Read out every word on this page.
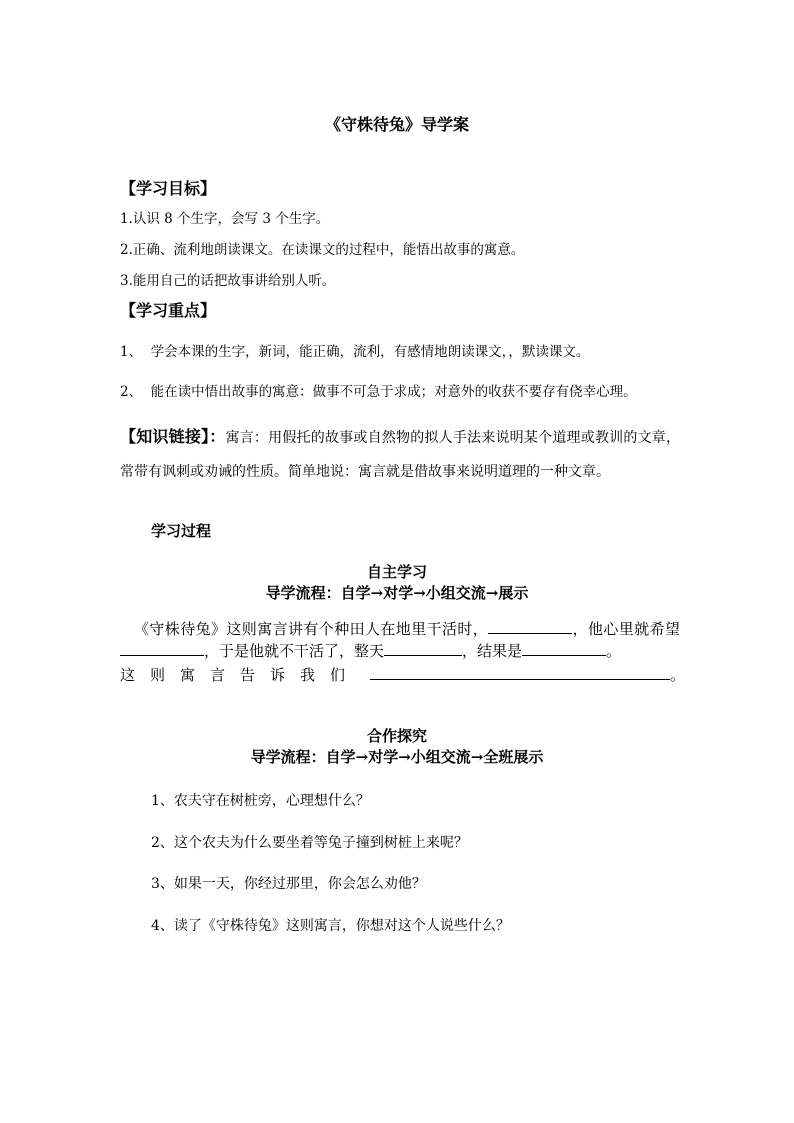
《守株待兔》导学案
【学习目标】
1.认识 8 个生字，会写 3 个生字。
2.正确、流利地朗读课文。在读课文的过程中，能悟出故事的寓意。
3.能用自己的话把故事讲给别人听。
【学习重点】
1、  学会本课的生字，新词，能正确，流利，有感情地朗读课文，，默读课文。
2、  能在读中悟出故事的寓意：做事不可急于求成；对意外的收获不要存有侥幸心理。
【知识链接】：寓言：用假托的故事或自然物的拟人手法来说明某个道理或教训的文章，常带有讽刺或劝诫的性质。简单地说：寓言就是借故事来说明道理的一种文章。
学习过程
自主学习
导学流程：自学→对学→小组交流→展示
《守株待兔》这则寓言讲有个种田人在地里干活时，	，他心里就希望，于是他就不干活了，整天	，结果是	。
这则寓言告诉我们	。
合作探究
导学流程：自学→对学→小组交流→全班展示
1、农夫守在树桩旁，心理想什么？
2、这个农夫为什么要坐着等兔子撞到树桩上来呢？
3、如果一天，你经过那里，你会怎么劝他？
4、读了《守株待兔》这则寓言，你想对这个人说些什么？
